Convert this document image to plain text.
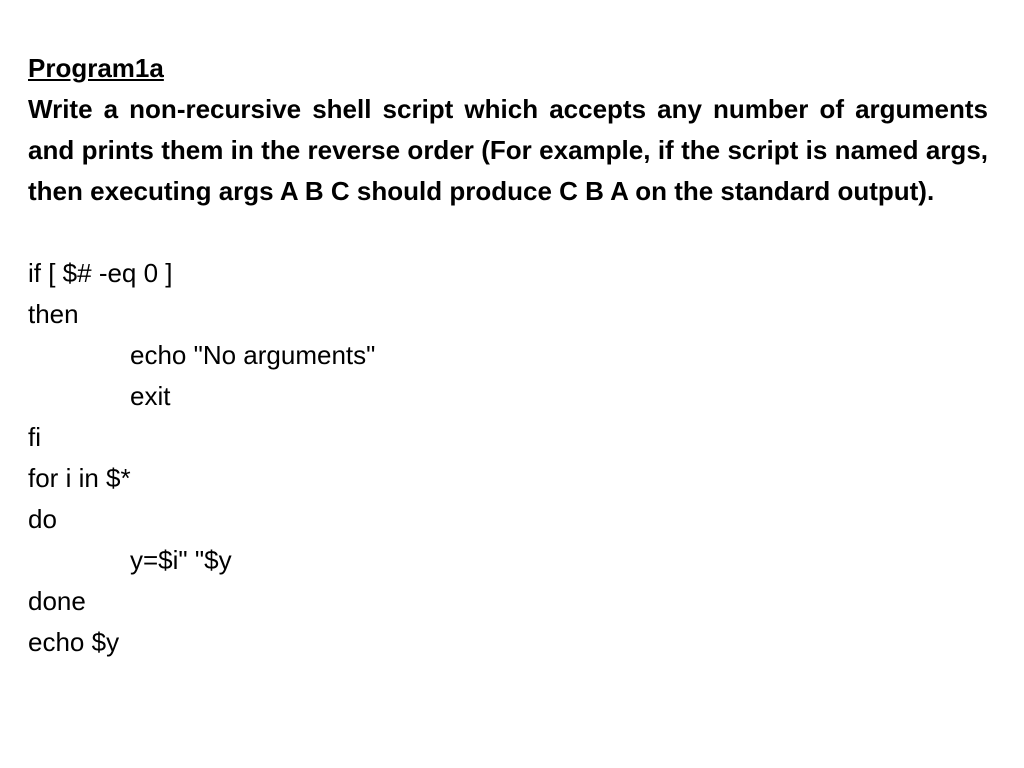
Program1a

Write a non-recursive shell script which accepts any number of arguments and prints them in the reverse order (For example, if the script is named args, then executing args A B C should produce C B A on the standard output).

if [ $# -eq 0 ]

then

echo "No arguments"

exit

fi

for i in $*

do

y=$i" "$y

done

echo $y
